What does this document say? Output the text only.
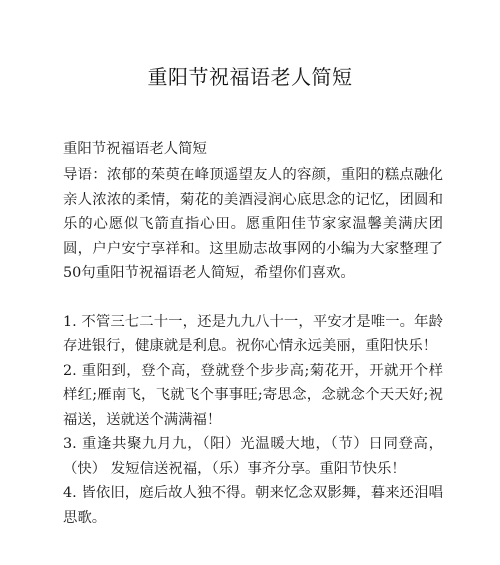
重阳节祝福语老人简短

重阳节祝福语老人简短

导语：浓郁的茱萸在峰顶遥望友人的容颜，重阳的糕点融化亲人浓浓的柔情，菊花的美酒浸润心底思念的记忆，团圆和乐的心愿似飞箭直指心田。愿重阳佳节家家温馨美满庆团圆，户户安宁享祥和。这里励志故事网的小编为大家整理了50句重阳节祝福语老人简短，希望你们喜欢。

1. 不管三七二十一，还是九九八十一，平安才是唯一。年龄存进银行，健康就是利息。祝你心情永远美丽，重阳快乐！

2. 重阳到，登个高，登就登个步步高;菊花开，开就开个样样红;雁南飞，飞就飞个事事旺;寄思念，念就念个天天好;祝福送，送就送个满满福！

3. 重逢共聚九月九，（阳）光温暖大地，（节）日同登高，（快） 发短信送祝福，（乐）事齐分享。重阳节快乐！

4. 皆依旧，庭后故人独不得。朝来忆念双影舞，暮来还泪唱思歌。
